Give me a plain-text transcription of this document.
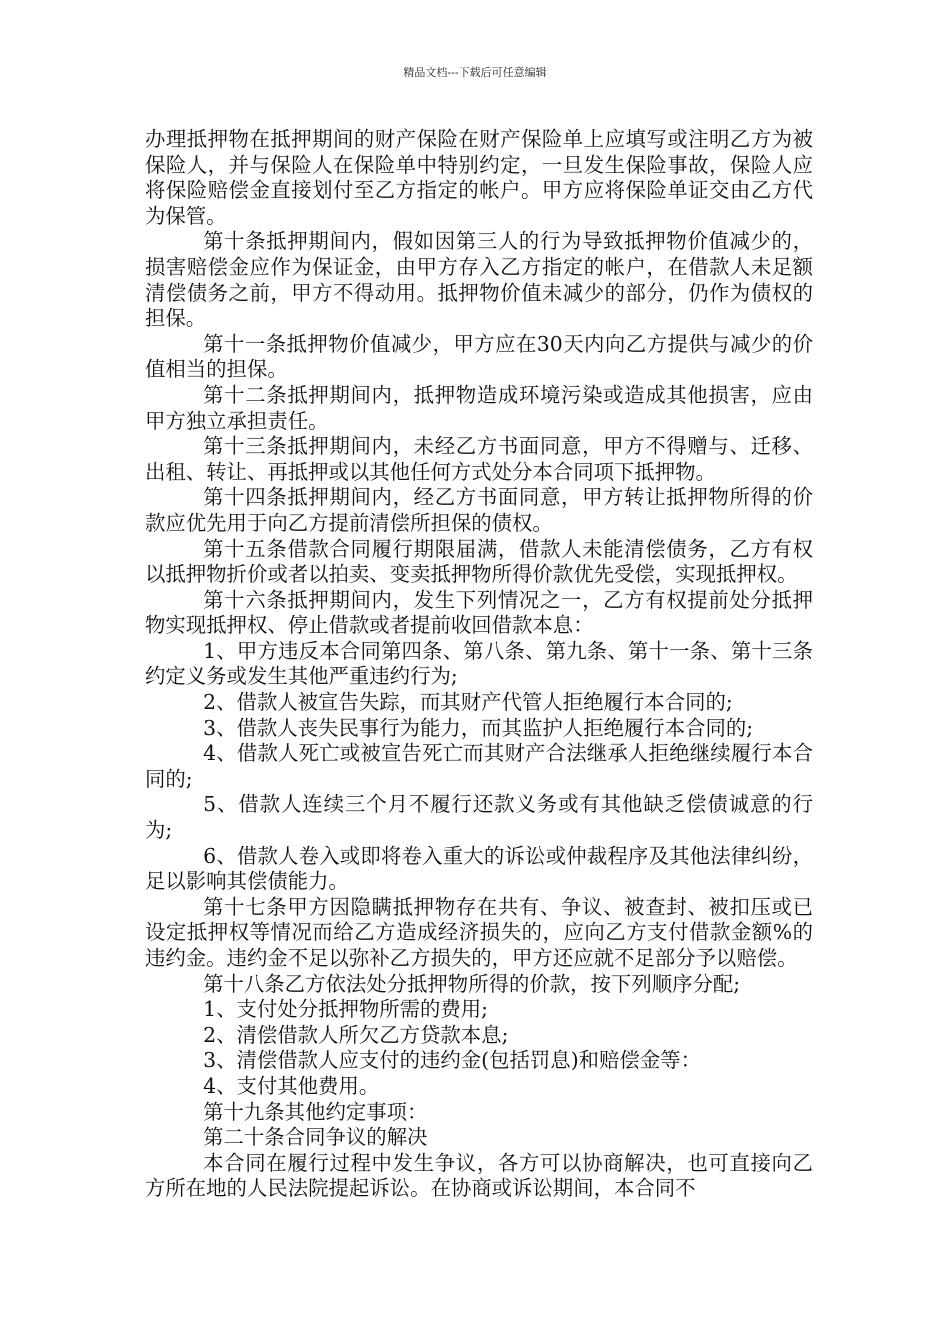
精品文档---下载后可任意编辑

办理抵押物在抵押期间的财产保险在财产保险单上应填写或注明乙方为被保险人，并与保险人在保险单中特别约定，一旦发生保险事故，保险人应将保险赔偿金直接划付至乙方指定的帐户。甲方应将保险单证交由乙方代为保管。

第十条抵押期间内，假如因第三人的行为导致抵押物价值减少的，损害赔偿金应作为保证金，由甲方存入乙方指定的帐户，在借款人未足额清偿债务之前，甲方不得动用。抵押物价值未减少的部分，仍作为债权的担保。

第十一条抵押物价值减少，甲方应在30天内向乙方提供与减少的价值相当的担保。

第十二条抵押期间内，抵押物造成环境污染或造成其他损害，应由甲方独立承担责任。

第十三条抵押期间内，未经乙方书面同意，甲方不得赠与、迁移、出租、转让、再抵押或以其他任何方式处分本合同项下抵押物。

第十四条抵押期间内，经乙方书面同意，甲方转让抵押物所得的价款应优先用于向乙方提前清偿所担保的债权。

第十五条借款合同履行期限届满，借款人未能清偿债务，乙方有权以抵押物折价或者以拍卖、变卖抵押物所得价款优先受偿，实现抵押权。

第十六条抵押期间内，发生下列情况之一，乙方有权提前处分抵押物实现抵押权、停止借款或者提前收回借款本息：

1、甲方违反本合同第四条、第八条、第九条、第十一条、第十三条约定义务或发生其他严重违约行为;

2、借款人被宣告失踪，而其财产代管人拒绝履行本合同的;

3、借款人丧失民事行为能力，而其监护人拒绝履行本合同的;

4、借款人死亡或被宣告死亡而其财产合法继承人拒绝继续履行本合同的;

5、借款人连续三个月不履行还款义务或有其他缺乏偿债诚意的行为;

6、借款人卷入或即将卷入重大的诉讼或仲裁程序及其他法律纠纷，足以影响其偿债能力。

第十七条甲方因隐瞒抵押物存在共有、争议、被查封、被扣压或已设定抵押权等情况而给乙方造成经济损失的，应向乙方支付借款金额%的违约金。违约金不足以弥补乙方损失的，甲方还应就不足部分予以赔偿。

第十八条乙方依法处分抵押物所得的价款，按下列顺序分配;

1、支付处分抵押物所需的费用;

2、清偿借款人所欠乙方贷款本息;

3、清偿借款人应支付的违约金(包括罚息)和赔偿金等：

4、支付其他费用。

第十九条其他约定事项：

第二十条合同争议的解决

本合同在履行过程中发生争议，各方可以协商解决，也可直接向乙方所在地的人民法院提起诉讼。在协商或诉讼期间，本合同不
